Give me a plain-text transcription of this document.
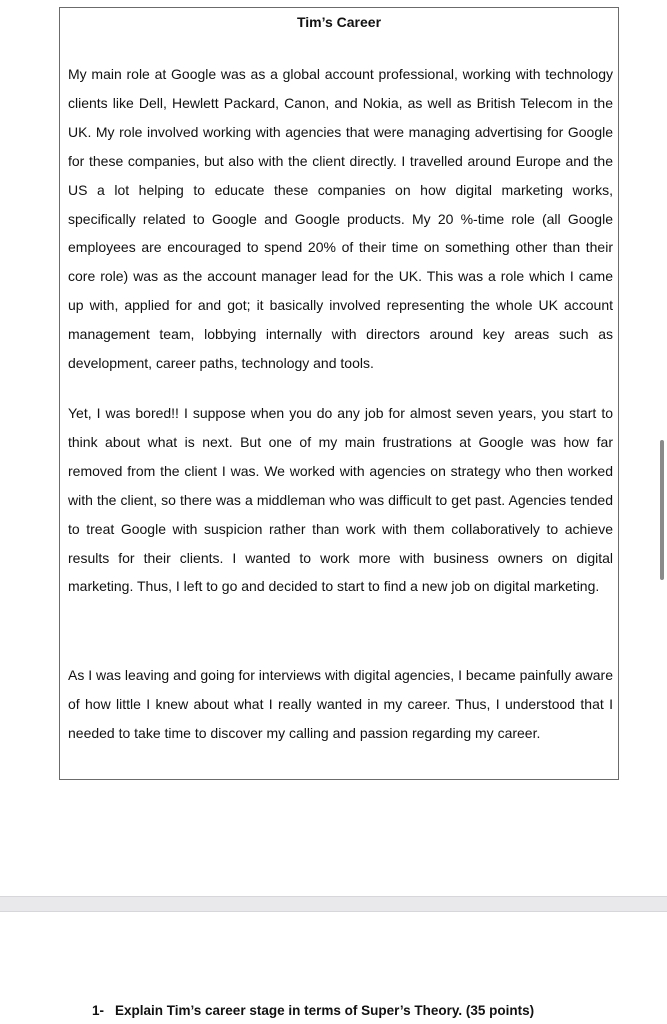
Tim’s Career

My main role at Google was as a global account professional, working with technology clients like Dell, Hewlett Packard, Canon, and Nokia, as well as British Telecom in the UK. My role involved working with agencies that were managing advertising for Google for these companies, but also with the client directly. I travelled around Europe and the US a lot helping to educate these companies on how digital marketing works, specifically related to Google and Google products. My 20 %-time role (all Google employees are encouraged to spend 20% of their time on something other than their core role) was as the account manager lead for the UK. This was a role which I came up with, applied for and got; it basically involved representing the whole UK account management team, lobbying internally with directors around key areas such as development, career paths, technology and tools.

Yet, I was bored!! I suppose when you do any job for almost seven years, you start to think about what is next. But one of my main frustrations at Google was how far removed from the client I was. We worked with agencies on strategy who then worked with the client, so there was a middleman who was difficult to get past. Agencies tended to treat Google with suspicion rather than work with them collaboratively to achieve results for their clients. I wanted to work more with business owners on digital marketing. Thus, I left to go and decided to start to find a new job on digital marketing.

As I was leaving and going for interviews with digital agencies, I became painfully aware of how little I knew about what I really wanted in my career. Thus, I understood that I needed to take time to discover my calling and passion regarding my career.

1- Explain Tim’s career stage in terms of Super’s Theory. (35 points)
